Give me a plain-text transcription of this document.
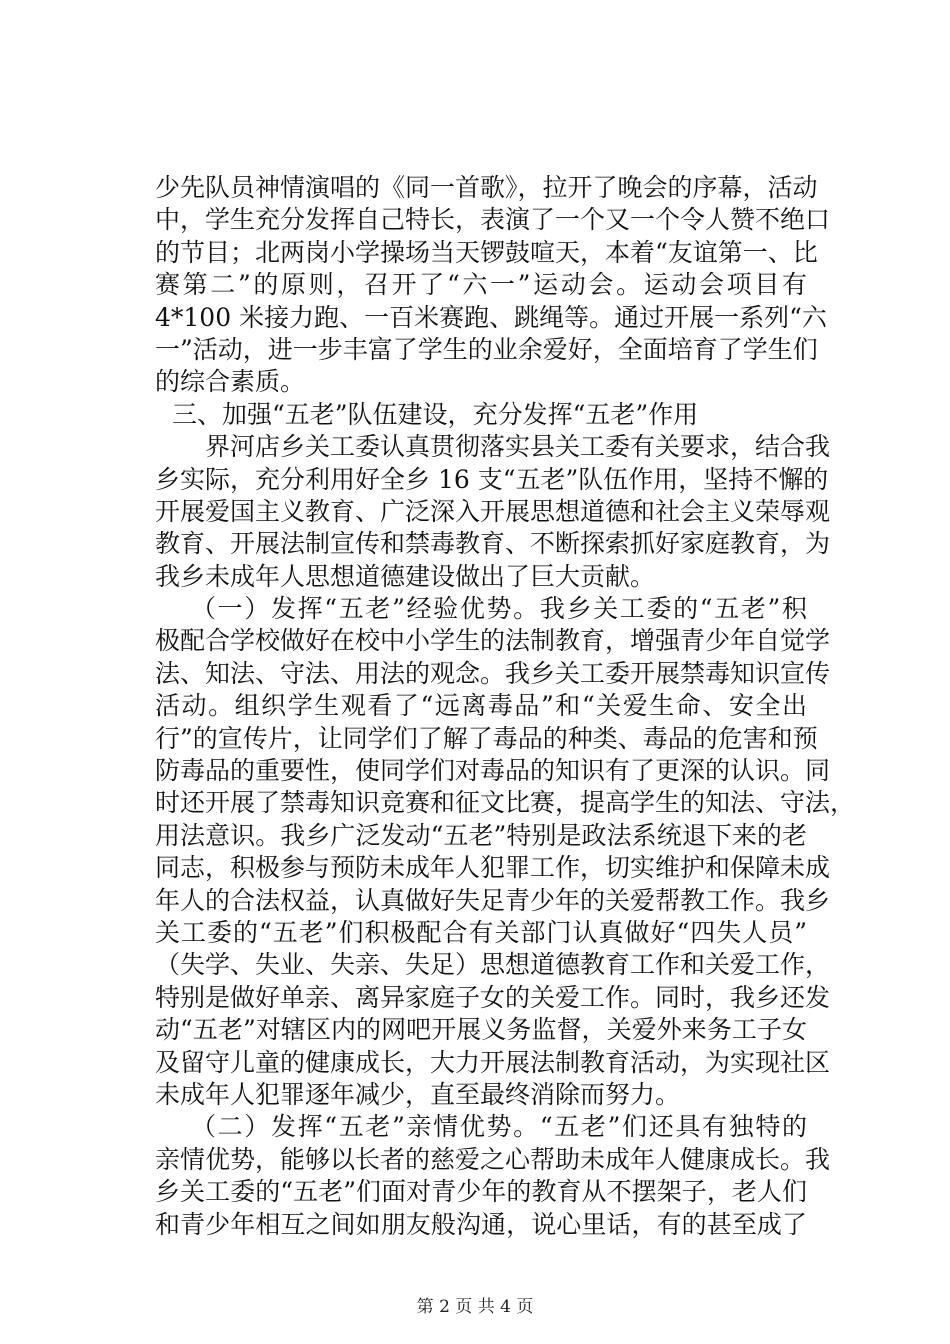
少先队员神情演唱的《同一首歌》，拉开了晚会的序幕，活动
中，学生充分发挥自己特长，表演了一个又一个令人赞不绝口
的节目；北两岗小学操场当天锣鼓喧天，本着“友谊第一、比
赛第二”的原则，召开了“六一”运动会。运动会项目有
4*100 米接力跑、一百米赛跑、跳绳等。通过开展一系列“六
一”活动，进一步丰富了学生的业余爱好，全面培育了学生们
的综合素质。
三、加强“五老”队伍建设，充分发挥“五老”作用
界河店乡关工委认真贯彻落实县关工委有关要求，结合我
乡实际，充分利用好全乡 16 支“五老”队伍作用，坚持不懈的
开展爱国主义教育、广泛深入开展思想道德和社会主义荣辱观
教育、开展法制宣传和禁毒教育、不断探索抓好家庭教育，为
我乡未成年人思想道德建设做出了巨大贡献。
（一）发挥“五老”经验优势。我乡关工委的“五老”积
极配合学校做好在校中小学生的法制教育，增强青少年自觉学
法、知法、守法、用法的观念。我乡关工委开展禁毒知识宣传
活动。组织学生观看了“远离毒品”和“关爱生命、安全出
行”的宣传片，让同学们了解了毒品的种类、毒品的危害和预
防毒品的重要性，使同学们对毒品的知识有了更深的认识。同
时还开展了禁毒知识竞赛和征文比赛，提高学生的知法、守法，
用法意识。我乡广泛发动“五老”特别是政法系统退下来的老
同志，积极参与预防未成年人犯罪工作，切实维护和保障未成
年人的合法权益，认真做好失足青少年的关爱帮教工作。我乡
关工委的“五老”们积极配合有关部门认真做好“四失人员”
（失学、失业、失亲、失足）思想道德教育工作和关爱工作，
特别是做好单亲、离异家庭子女的关爱工作。同时，我乡还发
动“五老”对辖区内的网吧开展义务监督，关爱外来务工子女
及留守儿童的健康成长，大力开展法制教育活动，为实现社区
未成年人犯罪逐年减少，直至最终消除而努力。
（二）发挥“五老”亲情优势。“五老”们还具有独特的
亲情优势，能够以长者的慈爱之心帮助未成年人健康成长。我
乡关工委的“五老”们面对青少年的教育从不摆架子，老人们
和青少年相互之间如朋友般沟通，说心里话，有的甚至成了
第 2 页 共 4 页
